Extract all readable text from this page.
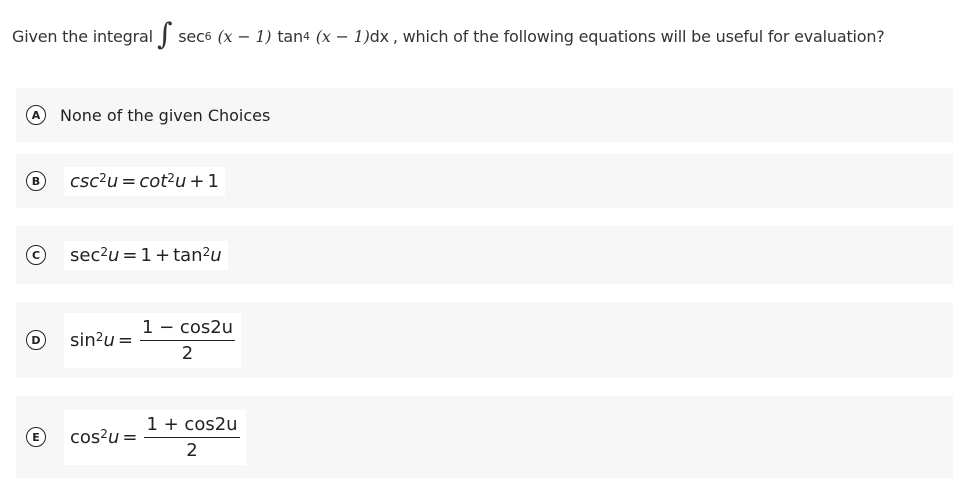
Given the integral ∫ $\sec^6 (x - 1)$ $\tan^4 (x - 1)$ dx , which of the following equations will be useful for evaluation?
A	None of the given Choices
B	$\csc^2 u = \cot^2 u + 1$
C	$\sec^2 u = 1 + \tan^2 u$
D	$\sin^2 u = \frac{1 - \cos 2u}{2}$
E	$\cos^2 u = \frac{1 + \cos 2u}{2}$
